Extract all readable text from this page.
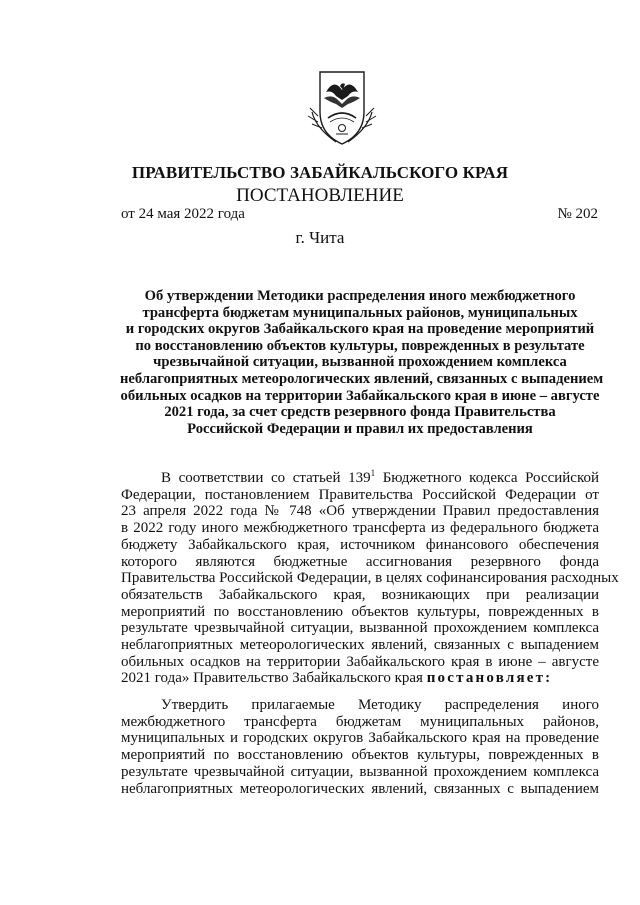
ПРАВИТЕЛЬСТВО ЗАБАЙКАЛЬСКОГО КРАЯ
ПОСТАНОВЛЕНИЕ
от 24 мая 2022 года	№ 202
г. Чита
Об утверждении Методики распределения иного межбюджетного
трансферта бюджетам муниципальных районов, муниципальных
и городских округов Забайкальского края на проведение мероприятий
по восстановлению объектов культуры, поврежденных в результате
чрезвычайной ситуации, вызванной прохождением комплекса
неблагоприятных метеорологических явлений, связанных с выпадением
обильных осадков на территории Забайкальского края в июне – августе
2021 года, за счет средств резервного фонда Правительства
Российской Федерации и правил их предоставления
В соответствии со статьей $139^1$ Бюджетного кодекса Российской
Федерации, постановлением Правительства Российской Федерации от
23 апреля 2022 года № 748 «Об утверждении Правил предоставления
в 2022 году иного межбюджетного трансферта из федерального бюджета
бюджету Забайкальского края, источником финансового обеспечения
которого являются бюджетные ассигнования резервного фонда
Правительства Российской Федерации, в целях софинансирования расходных
обязательств Забайкальского края, возникающих при реализации
мероприятий по восстановлению объектов культуры, поврежденных в
результате чрезвычайной ситуации, вызванной прохождением комплекса
неблагоприятных метеорологических явлений, связанных с выпадением
обильных осадков на территории Забайкальского края в июне – августе
2021 года» Правительство Забайкальского края постановляет:
Утвердить прилагаемые Методику распределения иного
межбюджетного трансферта бюджетам муниципальных районов,
муниципальных и городских округов Забайкальского края на проведение
мероприятий по восстановлению объектов культуры, поврежденных в
результате чрезвычайной ситуации, вызванной прохождением комплекса
неблагоприятных метеорологических явлений, связанных с выпадением
